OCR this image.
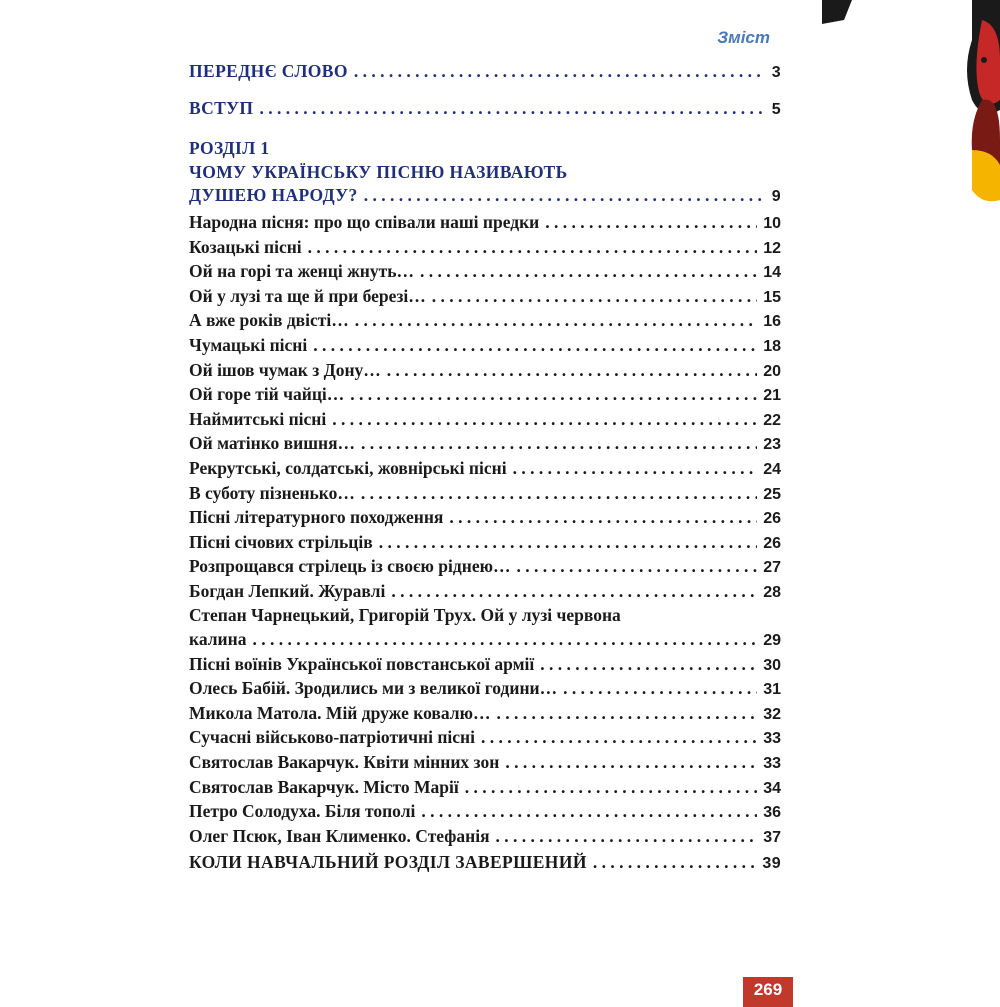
Зміст
ПЕРЕДНЄ СЛОВО . . .	3
ВСТУП . . .	5
РОЗДІЛ 1
ЧОМУ УКРАЇНСЬКУ ПІСНЮ НАЗИВАЮТЬ
ДУШЕЮ НАРОДУ? . . .	9
Народна пісня: про що співали наші предки . . .	10
Козацькі пісні . . .	12
Ой на горі та женці жнуть… . . .	14
Ой у лузі та ще й при березі… . . .	15
А вже років двісті… . . .	16
Чумацькі пісні . . .	18
Ой ішов чумак з Дону… . . .	20
Ой горе тій чайці… . . .	21
Наймитські пісні . . .	22
Ой матінко вишня… . . .	23
Рекрутські, солдатські, жовнірські пісні . . .	24
В суботу пізненько… . . .	25
Пісні літературного походження . . .	26
Пісні січових стрільців . . .	26
Розпрощався стрілець із своєю ріднею… . . .	27
Богдан Лепкий. Журавлі . . .	28
Степан Чарнецький, Григорій Трух. Ой у лузі червона
калина . . .	29
Пісні воїнів Української повстанської армії . . .	30
Олесь Бабій. Зродились ми з великої години… . . .	31
Микола Матола. Мій друже ковалю… . . .	32
Сучасні військово-патріотичні пісні . . .	33
Святослав Вакарчук. Квіти мінних зон . . .	33
Святослав Вакарчук. Місто Марії . . .	34
Петро Солодуха. Біля тополі . . .	36
Олег Псюк, Іван Клименко. Стефанія . . .	37
КОЛИ НАВЧАЛЬНИЙ РОЗДІЛ ЗАВЕРШЕНИЙ . . .	39
269
